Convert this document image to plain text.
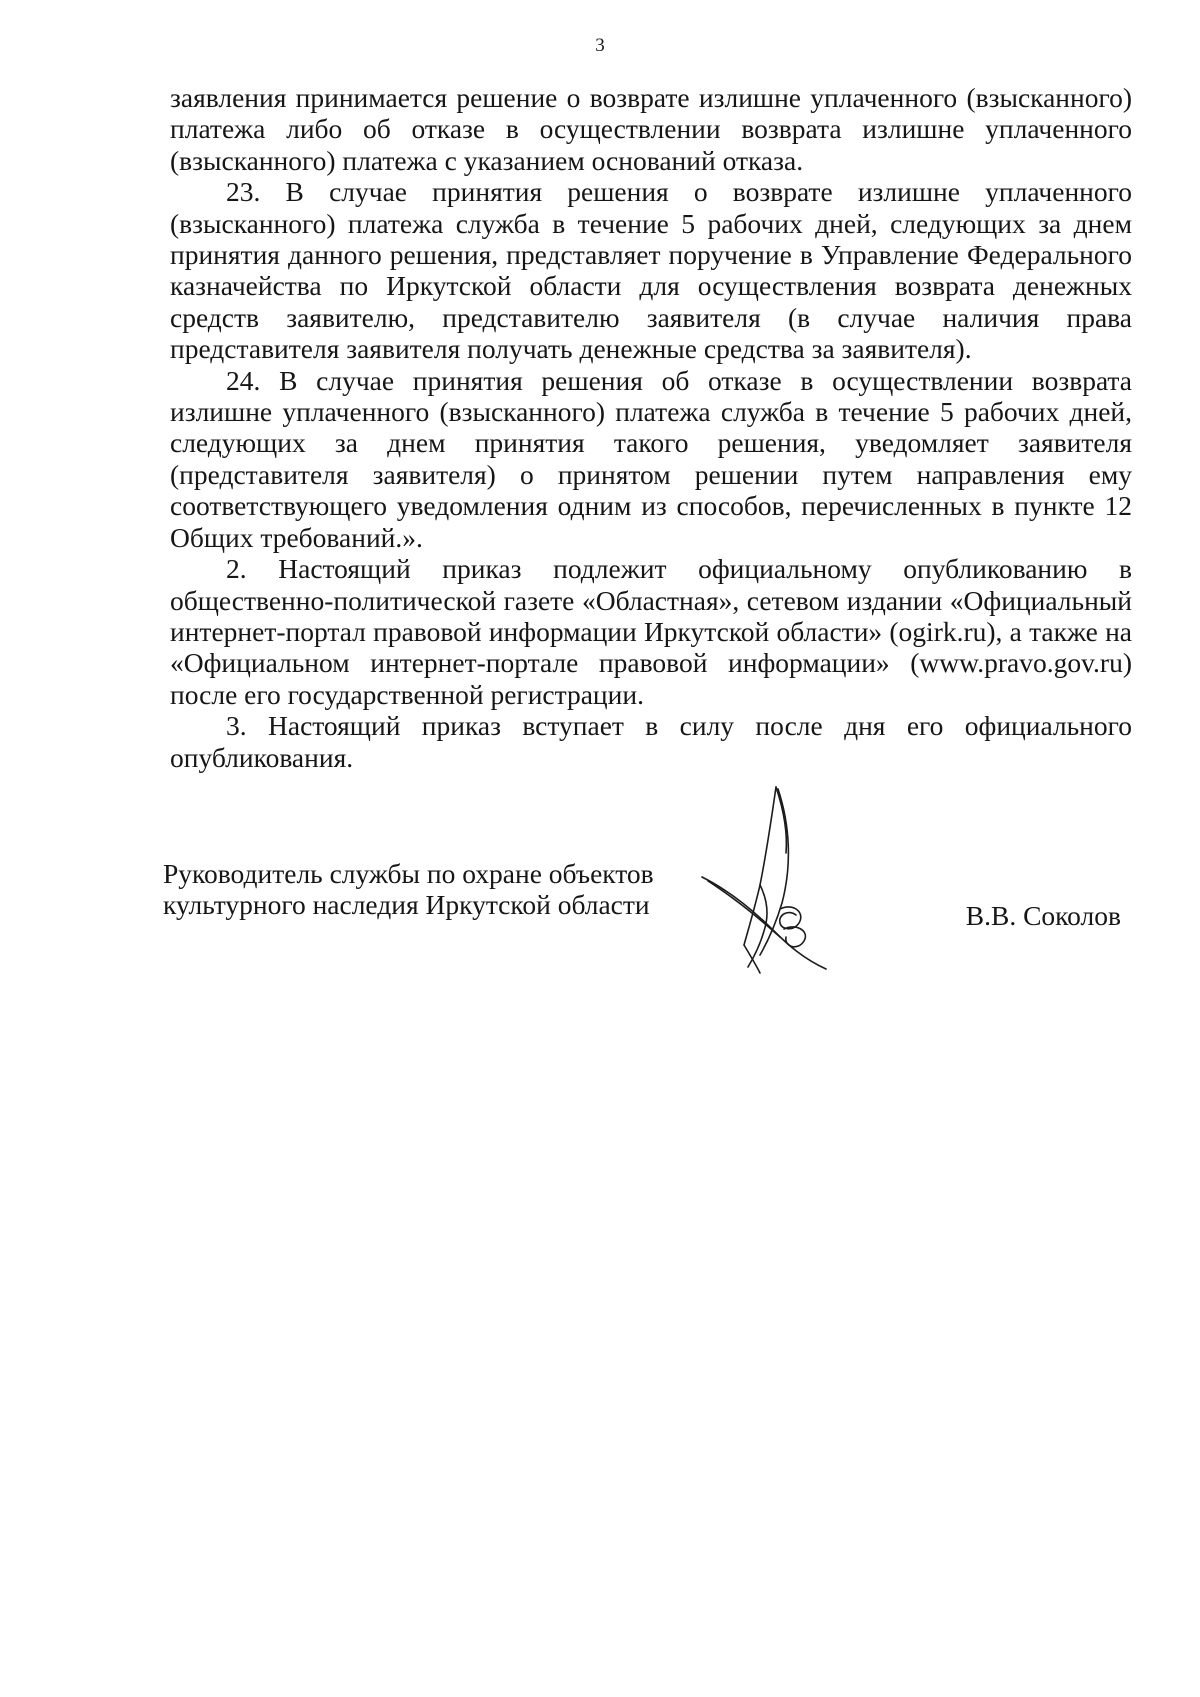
3

заявления принимается решение о возврате излишне уплаченного (взысканного) платежа либо об отказе в осуществлении возврата излишне уплаченного (взысканного) платежа с указанием оснований отказа.

23. В случае принятия решения о возврате излишне уплаченного (взысканного) платежа служба в течение 5 рабочих дней, следующих за днем принятия данного решения, представляет поручение в Управление Федерального казначейства по Иркутской области для осуществления возврата денежных средств заявителю, представителю заявителя (в случае наличия права представителя заявителя получать денежные средства за заявителя).

24. В случае принятия решения об отказе в осуществлении возврата излишне уплаченного (взысканного) платежа служба в течение 5 рабочих дней, следующих за днем принятия такого решения, уведомляет заявителя (представителя заявителя) о принятом решении путем направления ему соответствующего уведомления одним из способов, перечисленных в пункте 12 Общих требований.».

2. Настоящий приказ подлежит официальному опубликованию в общественно-политической газете «Областная», сетевом издании «Официальный интернет-портал правовой информации Иркутской области» (ogirk.ru), а также на «Официальном интернет-портале правовой информации» (www.pravo.gov.ru) после его государственной регистрации.

3. Настоящий приказ вступает в силу после дня его официального опубликования.

Руководитель службы по охране объектов
культурного наследия Иркутской области	В.В. Соколов
